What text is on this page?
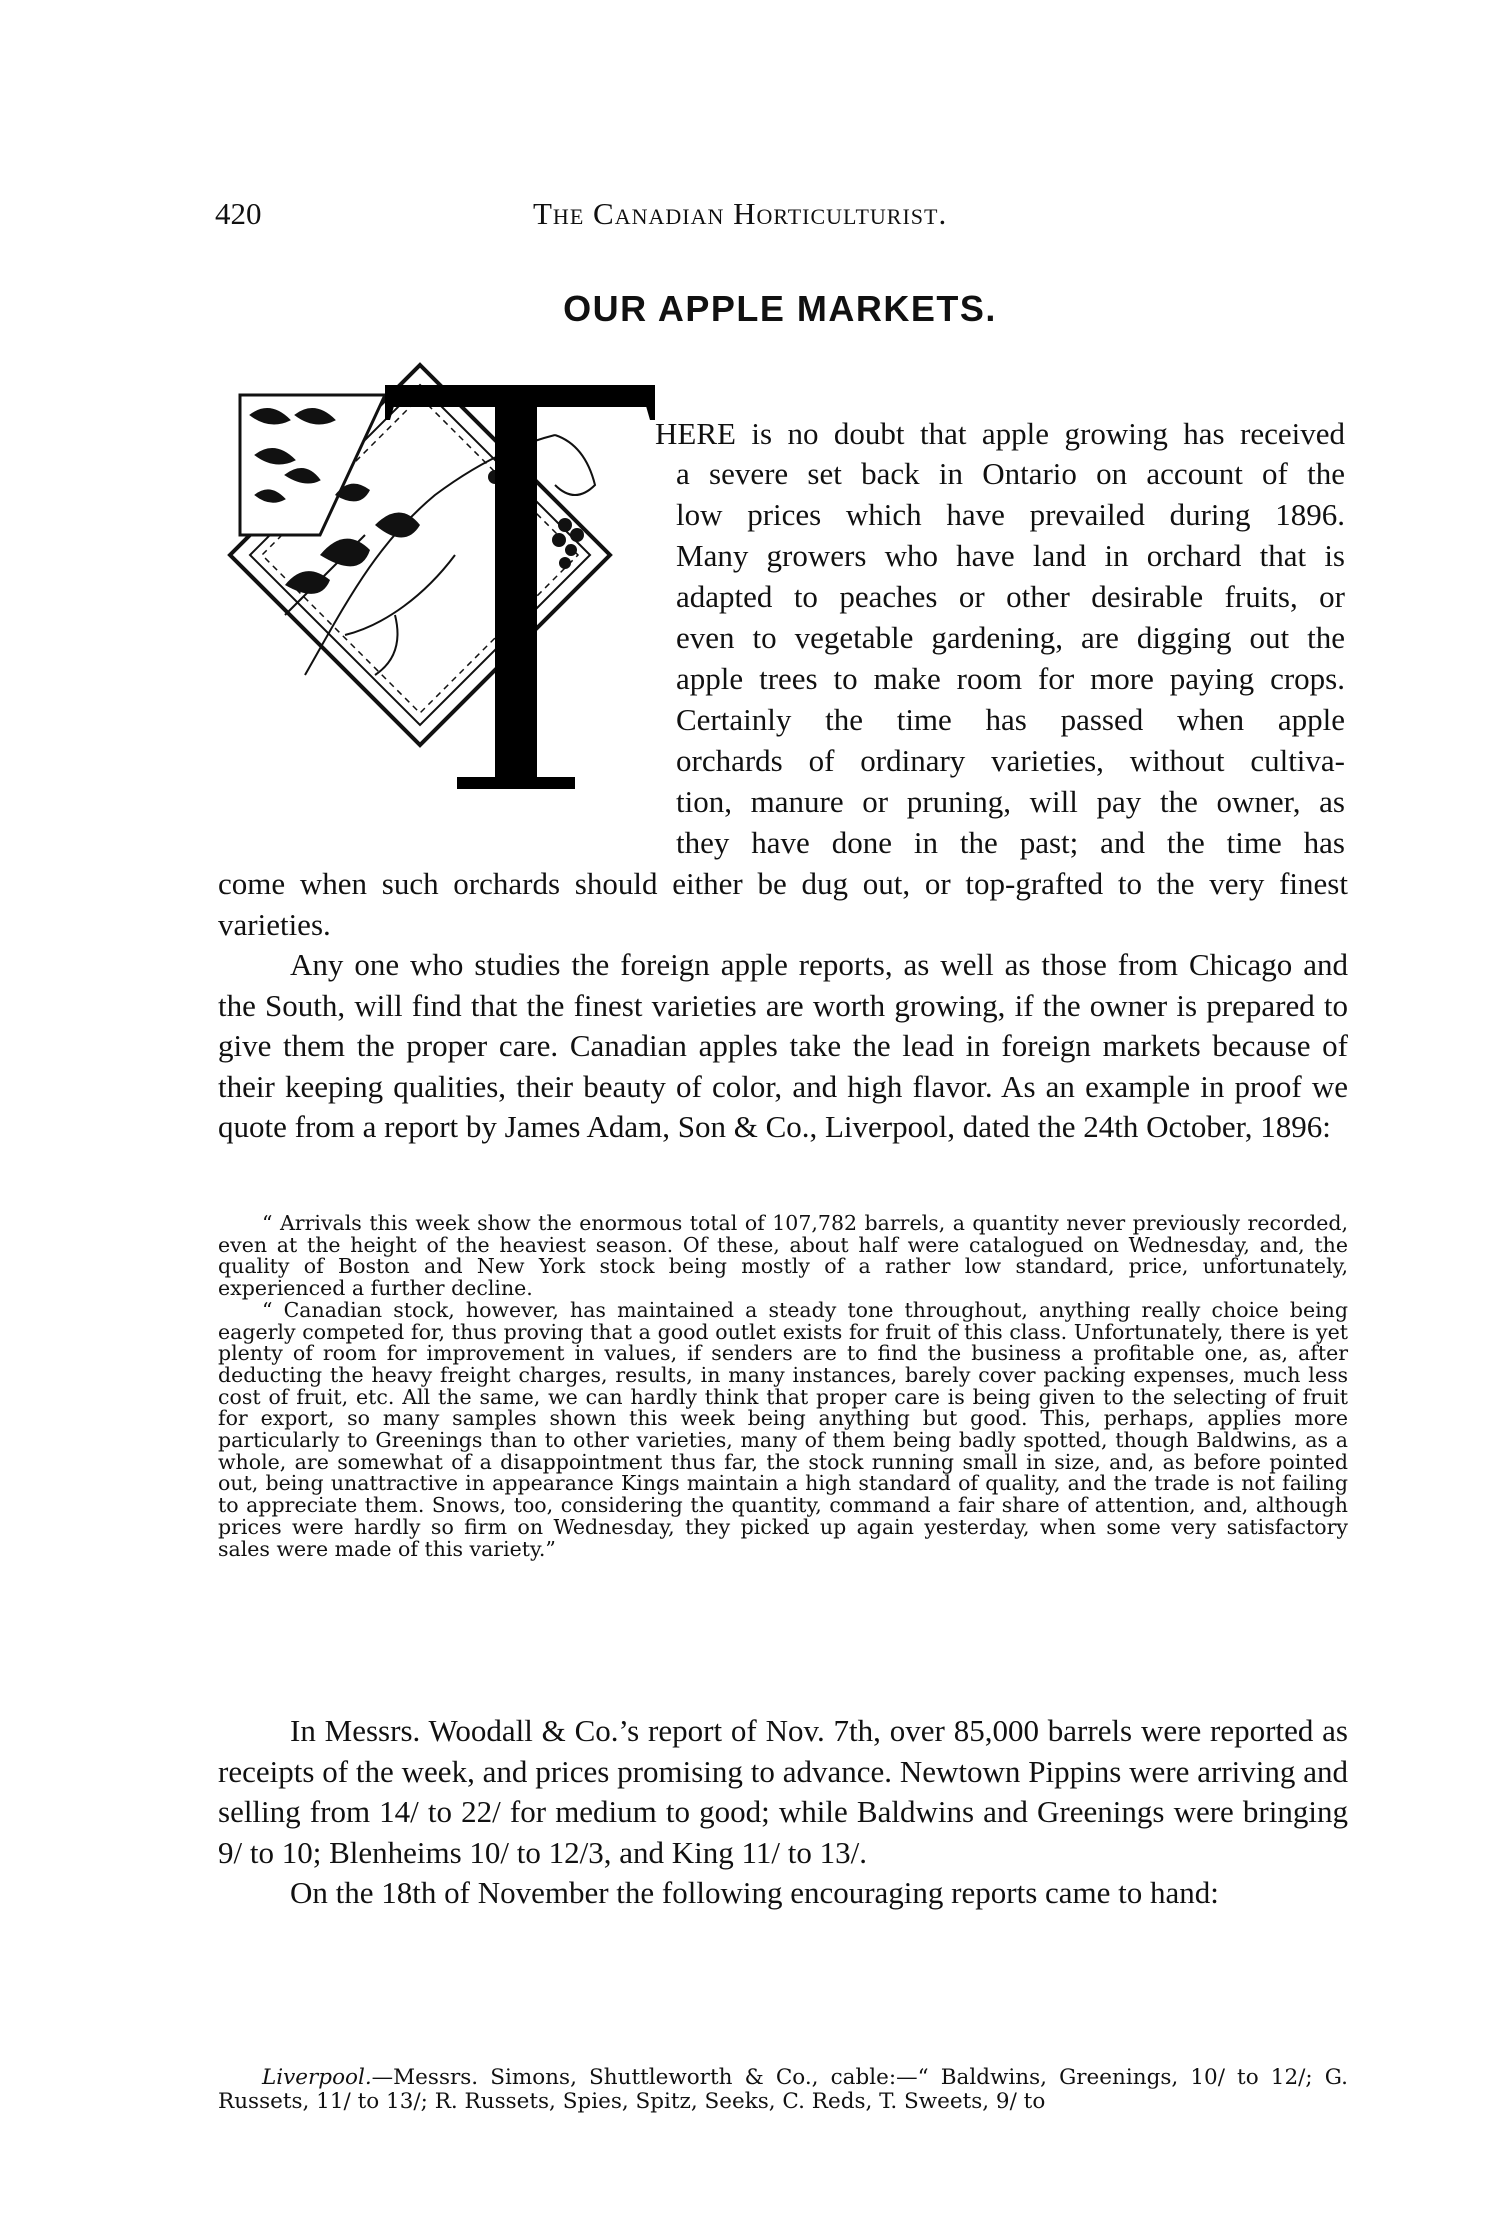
420	The Canadian Horticulturist.
OUR APPLE MARKETS.
T
HERE is no doubt that apple growing has received
a severe set back in Ontario on account of the
low prices which have prevailed during 1896.
Many growers who have land in orchard that is
adapted to peaches or other desirable fruits, or
even to vegetable gardening, are digging out the
apple trees to make room for more paying crops.
Certainly the time has passed when apple
orchards of ordinary varieties, without cultiva-
tion, manure or pruning, will pay the owner, as
they have done in the past; and the time has

come when such orchards should either be dug out, or top-grafted to the very finest varieties.

Any one who studies the foreign apple reports, as well as those from Chicago and the South, will find that the finest varieties are worth growing, if the owner is prepared to give them the proper care. Canadian apples take the lead in foreign markets because of their keeping qualities, their beauty of color, and high flavor. As an example in proof we quote from a report by James Adam, Son & Co., Liverpool, dated the 24th October, 1896:

“ Arrivals this week show the enormous total of 107,782 barrels, a quantity never previously recorded, even at the height of the heaviest season. Of these, about half were catalogued on Wednesday, and, the quality of Boston and New York stock being mostly of a rather low standard, price, unfortunately, experienced a further decline.

“ Canadian stock, however, has maintained a steady tone throughout, anything really choice being eagerly competed for, thus proving that a good outlet exists for fruit of this class. Unfortunately, there is yet plenty of room for improvement in values, if senders are to find the business a profitable one, as, after deducting the heavy freight charges, results, in many instances, barely cover packing expenses, much less cost of fruit, etc. All the same, we can hardly think that proper care is being given to the selecting of fruit for export, so many samples shown this week being anything but good. This, perhaps, applies more particularly to Greenings than to other varieties, many of them being badly spotted, though Baldwins, as a whole, are somewhat of a disappointment thus far, the stock running small in size, and, as before pointed out, being unattractive in appearance Kings maintain a high standard of quality, and the trade is not failing to appreciate them. Snows, too, considering the quantity, command a fair share of attention, and, although prices were hardly so firm on Wednesday, they picked up again yesterday, when some very satisfactory sales were made of this variety.”

In Messrs. Woodall & Co.’s report of Nov. 7th, over 85,000 barrels were reported as receipts of the week, and prices promising to advance. Newtown Pippins were arriving and selling from 14/ to 22/ for medium to good; while Baldwins and Greenings were bringing 9/ to 10; Blenheims 10/ to 12/3, and King 11/ to 13/.

On the 18th of November the following encouraging reports came to hand:

Liverpool.—Messrs. Simons, Shuttleworth & Co., cable:—“ Baldwins, Greenings, 10/ to 12/; G. Russets, 11/ to 13/; R. Russets, Spies, Spitz, Seeks, C. Reds, T. Sweets, 9/ to
